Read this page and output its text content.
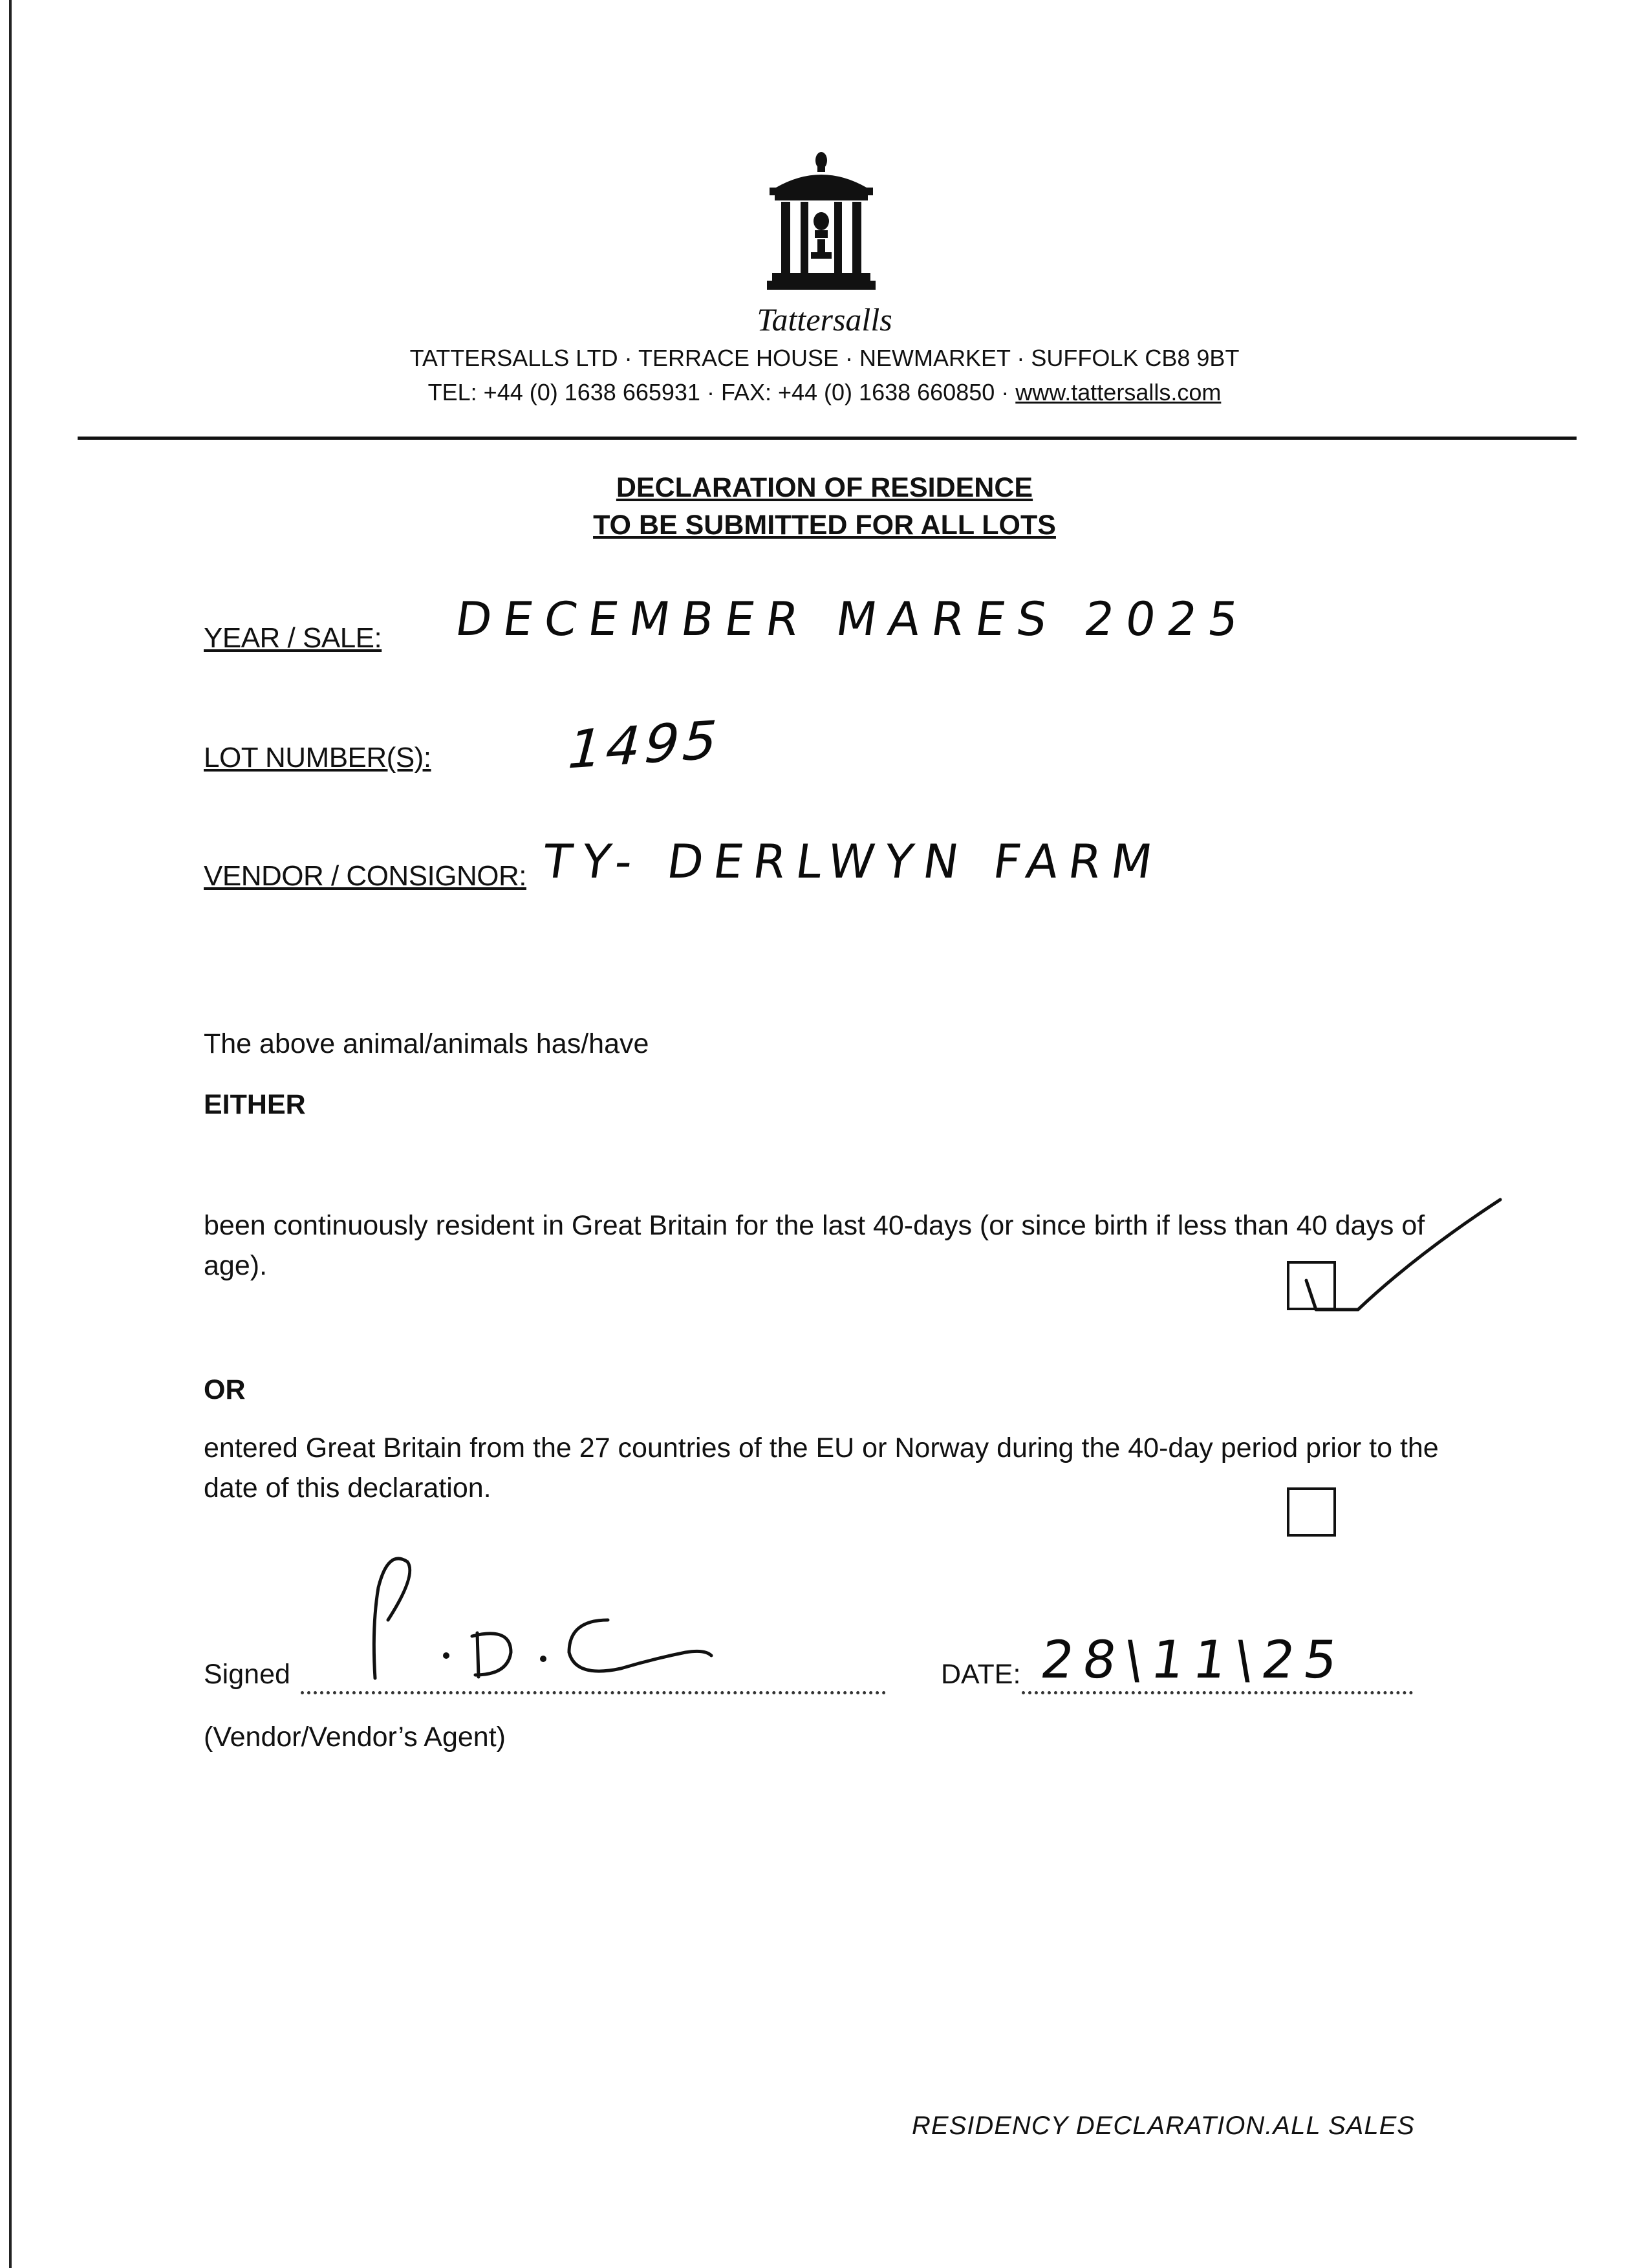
Tattersalls
TATTERSALLS LTD · TERRACE HOUSE · NEWMARKET · SUFFOLK CB8 9BT
TEL: +44 (0) 1638 665931 · FAX: +44 (0) 1638 660850 · www.tattersalls.com
DECLARATION OF RESIDENCE
TO BE SUBMITTED FOR ALL LOTS
YEAR / SALE: DECEMBER MARES 2025
LOT NUMBER(S): 1495
VENDOR / CONSIGNOR: TY- DERLWYN FARM
The above animal/animals has/have
EITHER
been continuously resident in Great Britain for the last 40-days (or since birth if less than 40 days of age).
OR
entered Great Britain from the 27 countries of the EU or Norway during the 40-day period prior to the date of this declaration.
Signed	DATE: 28\11\25
(Vendor/Vendor’s Agent)
RESIDENCY DECLARATION.ALL SALES
